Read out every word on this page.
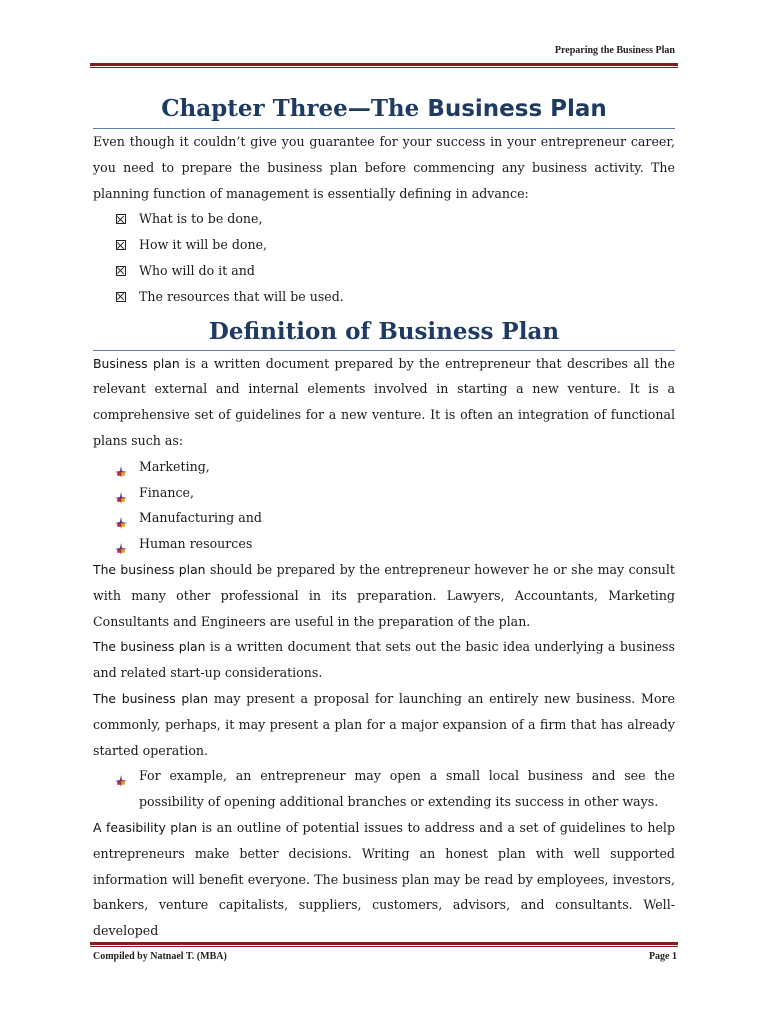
Preparing the Business Plan
Chapter Three—The Business Plan

Even though it couldn’t give you guarantee for your success in your entrepreneur career, you need to prepare the business plan before commencing any business activity. The planning function of management is essentially defining in advance:

What is to be done,
How it will be done,
Who will do it and
The resources that will be used.
Definition of Business Plan

Business plan is a written document prepared by the entrepreneur that describes all the relevant external and internal elements involved in starting a new venture. It is a comprehensive set of guidelines for a new venture. It is often an integration of functional plans such as:

Marketing,
Finance,
Manufacturing and
Human resources

The business plan should be prepared by the entrepreneur however he or she may consult with many other professional in its preparation. Lawyers, Accountants, Marketing Consultants and Engineers are useful in the preparation of the plan.

The business plan is a written document that sets out the basic idea underlying a business and related start-up considerations.

The business plan may present a proposal for launching an entirely new business. More commonly, perhaps, it may present a plan for a major expansion of a firm that has already started operation.

For example, an entrepreneur may open a small local business and see the possibility of opening additional branches or extending its success in other ways.

A feasibility plan is an outline of potential issues to address and a set of guidelines to help entrepreneurs make better decisions. Writing an honest plan with well supported information will benefit everyone. The business plan may be read by employees, investors, bankers, venture capitalists, suppliers, customers, advisors, and consultants. Well-developed

Compiled by Natnael T. (MBA)	Page 1
